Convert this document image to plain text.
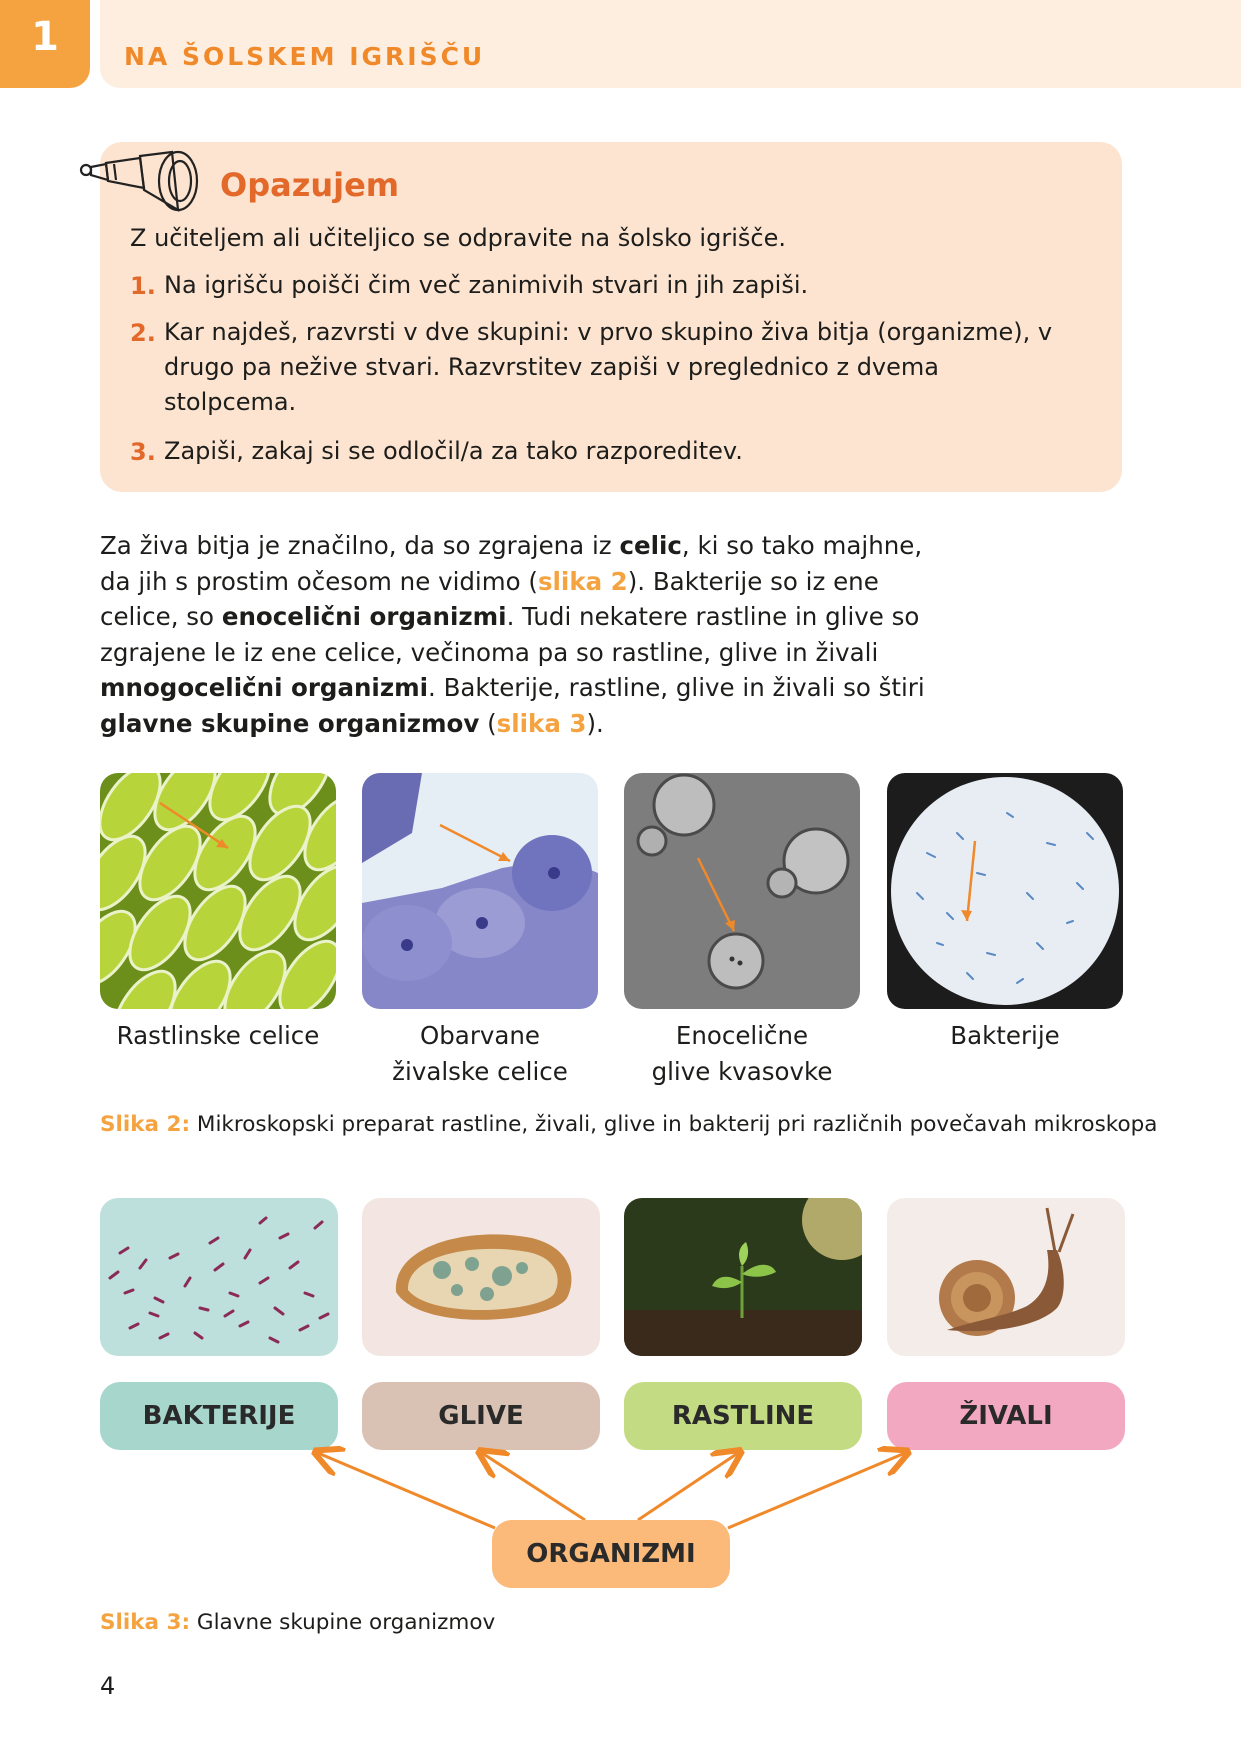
1	NA ŠOLSKEM IGRIŠČU
Opazujem
Z učiteljem ali učiteljico se odpravite na šolsko igrišče.
1. Na igrišču poišči čim več zanimivih stvari in jih zapiši.
2. Kar najdeš, razvrsti v dve skupini: v prvo skupino živa bitja (organizme), v drugo pa nežive stvari. Razvrstitev zapiši v preglednico z dvema stolpcema.
3. Zapiši, zakaj si se odločil/a za tako razporeditev.

Za živa bitja je značilno, da so zgrajena iz celic, ki so tako majhne, da jih s prostim očesom ne vidimo (slika 2). Bakterije so iz ene celice, so enocelični organizmi. Tudi nekatere rastline in glive so zgrajene le iz ene celice, večinoma pa so rastline, glive in živali mnogocelični organizmi. Bakterije, rastline, glive in živali so štiri glavne skupine organizmov (slika 3).

Rastlinske celice	Obarvane
živalske celice
Enocelične
glive kvasovke
Bakterije
Slika 2: Mikroskopski preparat rastline, živali, glive in bakterij pri različnih povečavah mikroskopa
BAKTERIJE	GLIVE	RASTLINE	ŽIVALI
ORGANIZMI
Slika 3: Glavne skupine organizmov
4
